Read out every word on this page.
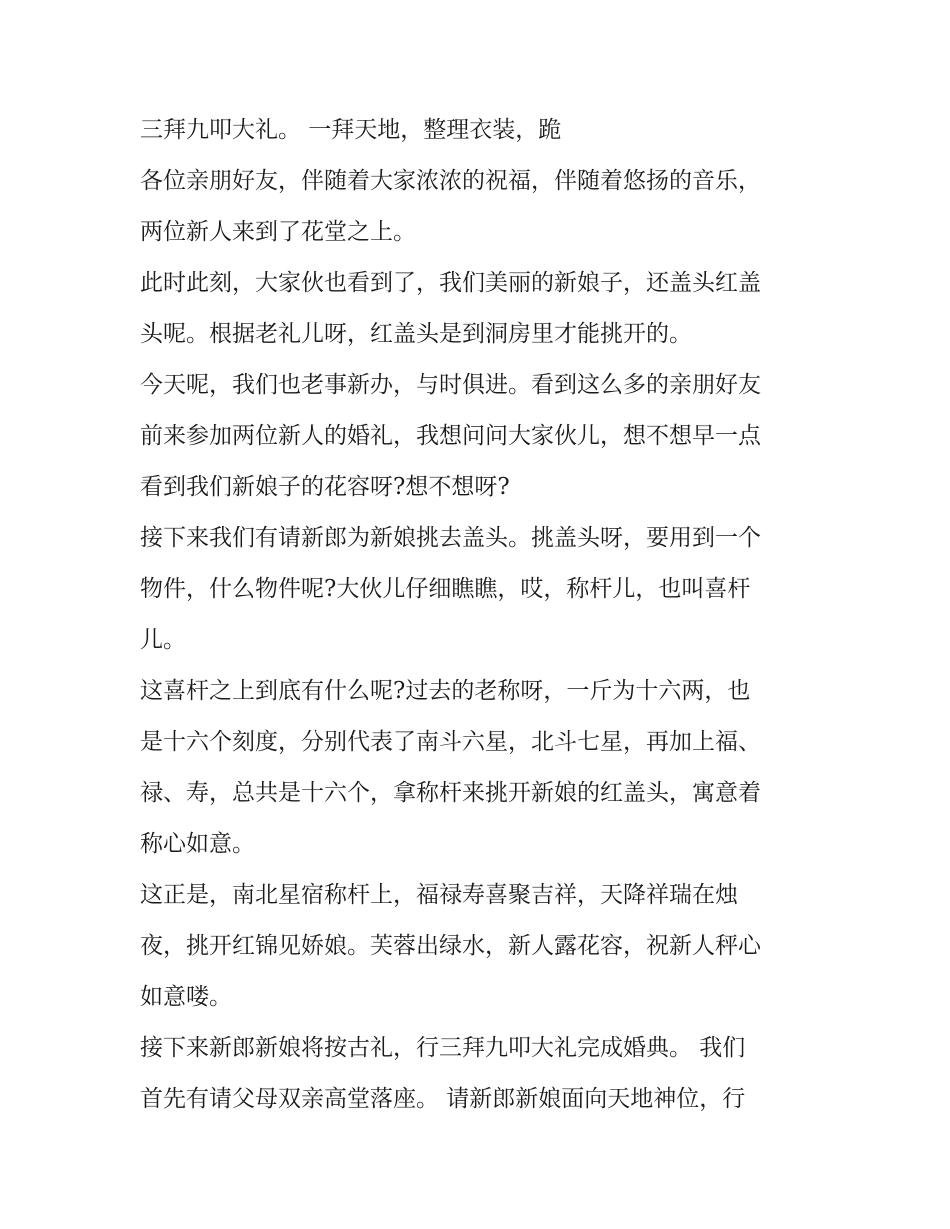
三拜九叩大礼。 一拜天地，整理衣装，跪
各位亲朋好友，伴随着大家浓浓的祝福，伴随着悠扬的音乐，
两位新人来到了花堂之上。
此时此刻，大家伙也看到了，我们美丽的新娘子，还盖头红盖
头呢。根据老礼儿呀，红盖头是到洞房里才能挑开的。
今天呢，我们也老事新办，与时俱进。看到这么多的亲朋好友
前来参加两位新人的婚礼，我想问问大家伙儿，想不想早一点
看到我们新娘子的花容呀?想不想呀?
接下来我们有请新郎为新娘挑去盖头。挑盖头呀，要用到一个
物件，什么物件呢?大伙儿仔细瞧瞧，哎，称杆儿，也叫喜杆
儿。
这喜杆之上到底有什么呢?过去的老称呀，一斤为十六两，也
是十六个刻度，分别代表了南斗六星，北斗七星，再加上福、
禄、寿，总共是十六个，拿称杆来挑开新娘的红盖头，寓意着
称心如意。
这正是，南北星宿称杆上，福禄寿喜聚吉祥，天降祥瑞在烛
夜，挑开红锦见娇娘。芙蓉出绿水，新人露花容，祝新人秤心
如意喽。
接下来新郎新娘将按古礼，行三拜九叩大礼完成婚典。 我们
首先有请父母双亲高堂落座。 请新郎新娘面向天地神位，行
